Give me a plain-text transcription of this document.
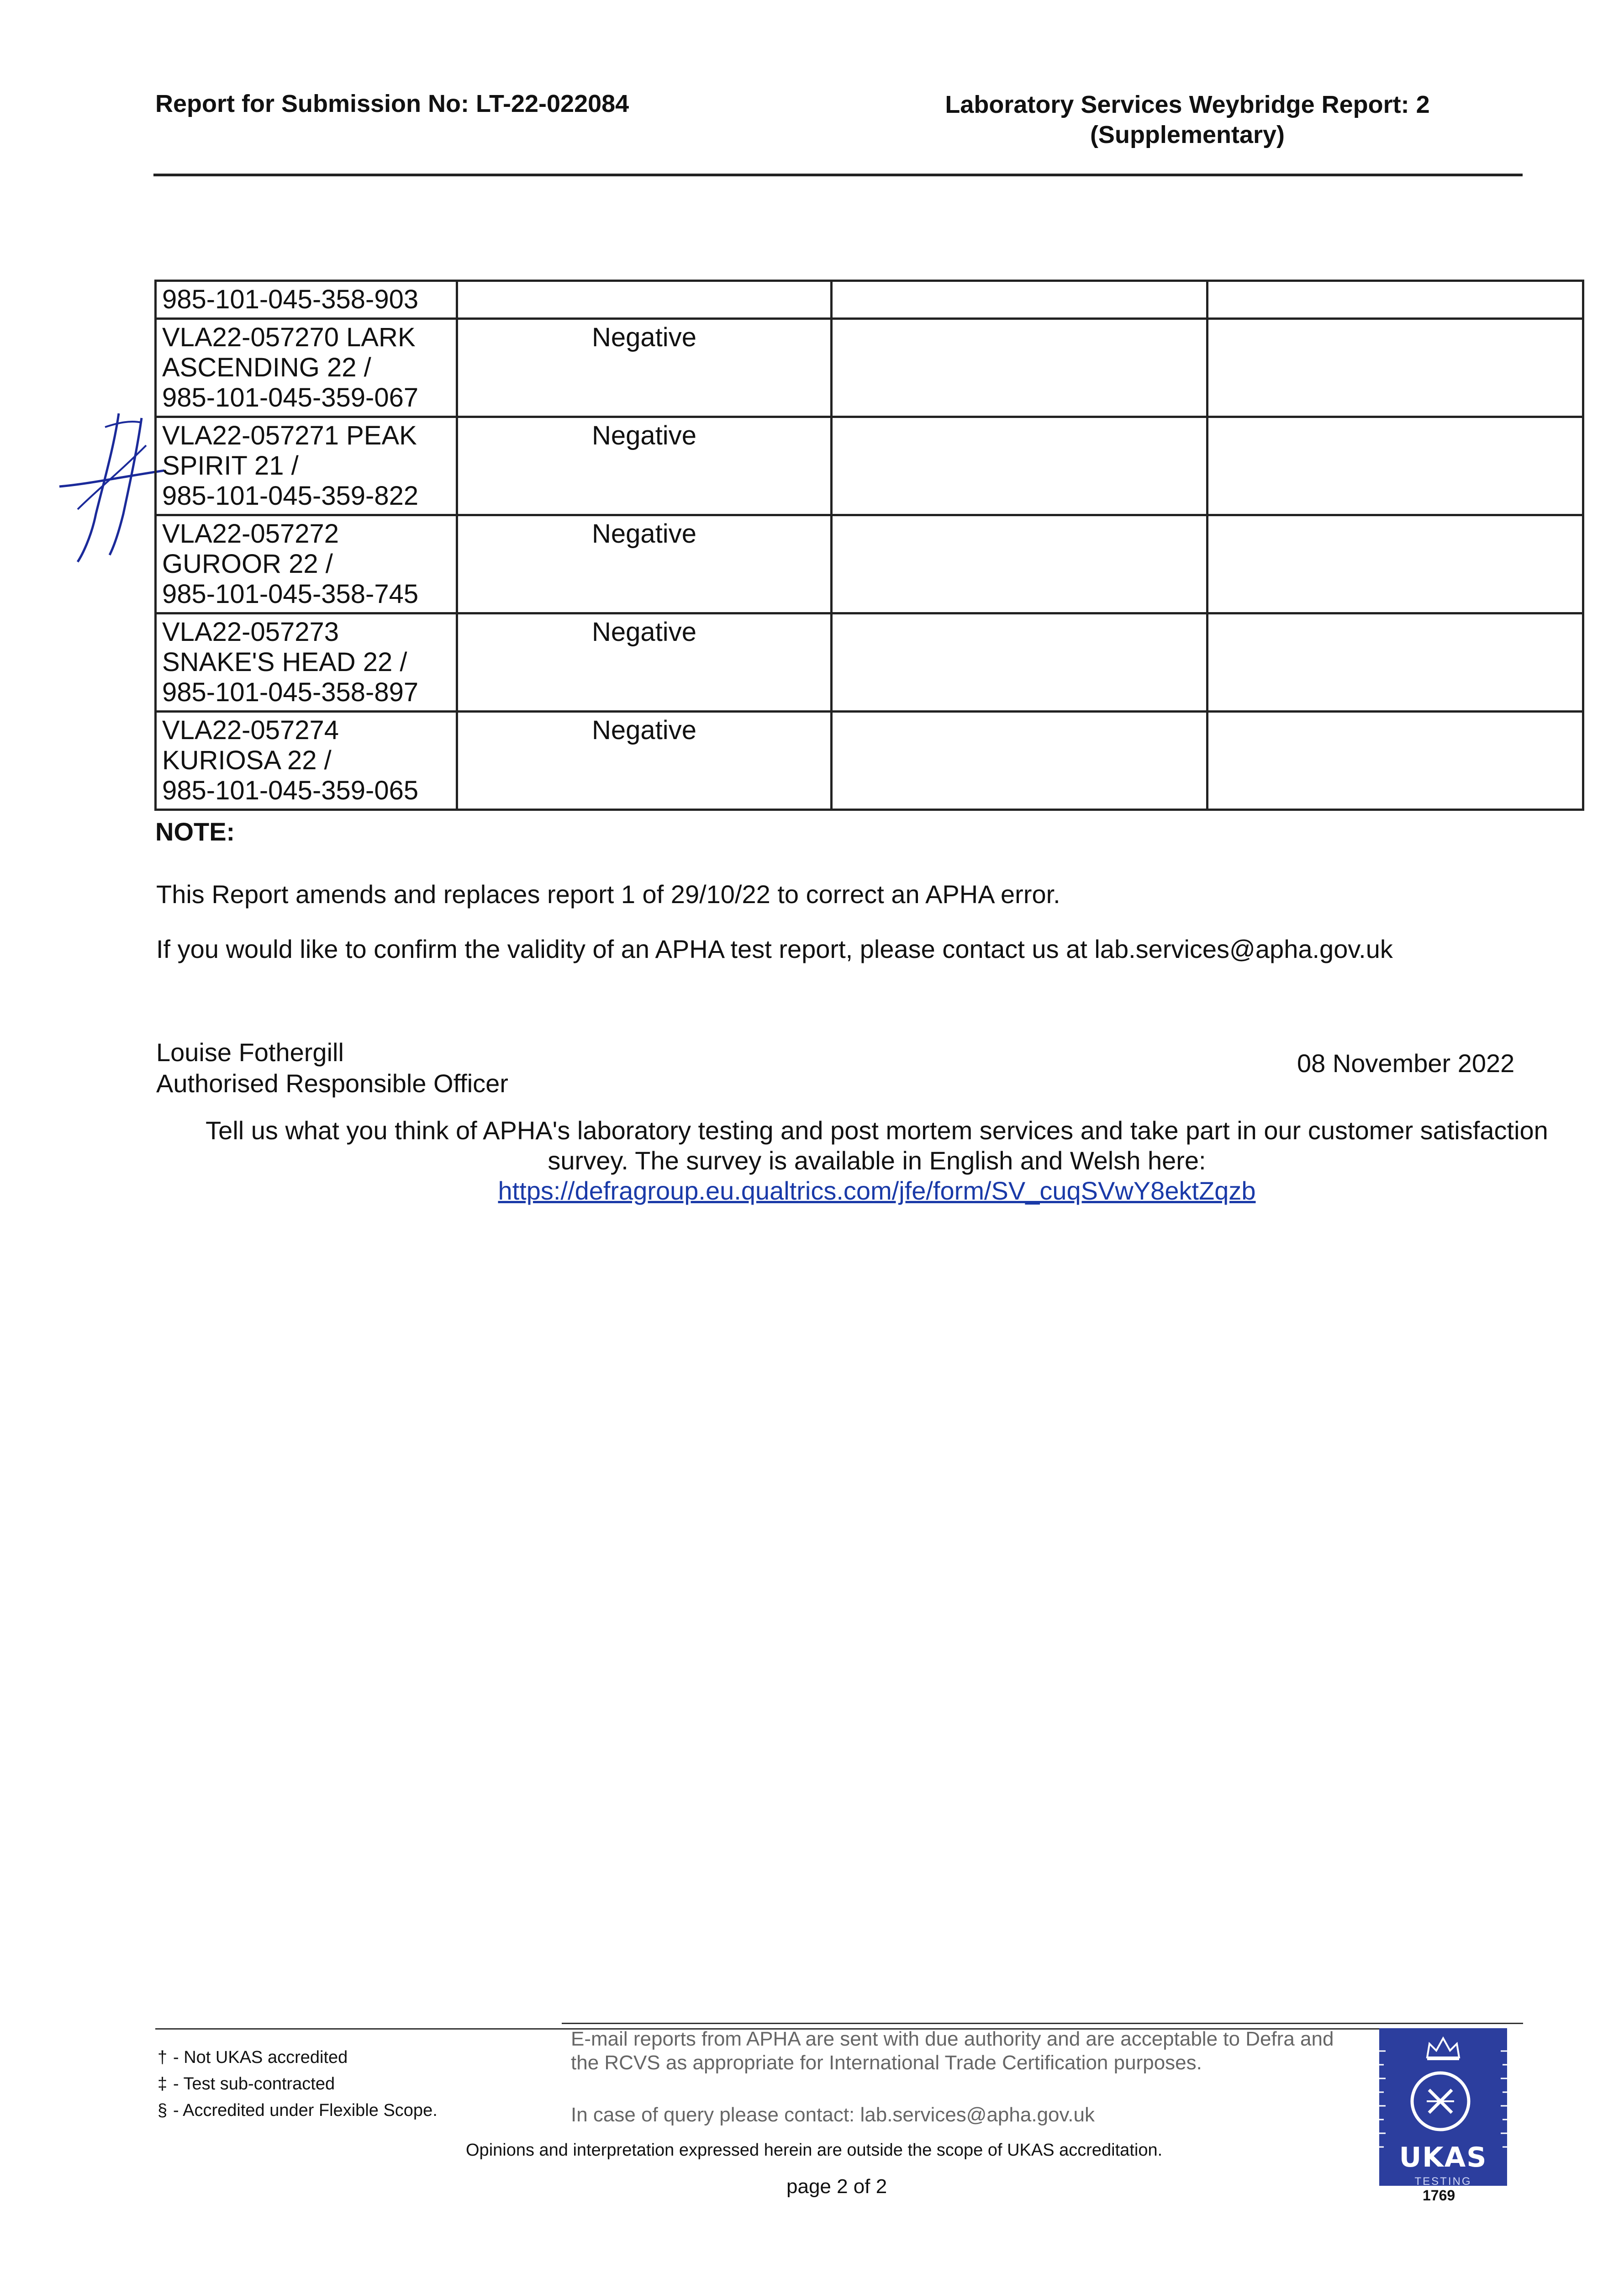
Report for Submission No: LT-22-022084	Laboratory Services Weybridge Report: 2
(Supplementary)
985-101-045-358-903			

VLA22-057270 LARK
ASCENDING 22 /
985-101-045-359-067	Negative		

VLA22-057271 PEAK
SPIRIT 21 /
985-101-045-359-822	Negative		

VLA22-057272
GUROOR 22 /
985-101-045-358-745	Negative		

VLA22-057273
SNAKE'S HEAD 22 /
985-101-045-358-897	Negative		

VLA22-057274
KURIOSA 22 /
985-101-045-359-065	Negative		
NOTE:
This Report amends and replaces report 1 of 29/10/22 to correct an APHA error.
If you would like to confirm the validity of an APHA test report, please contact us at lab.services@apha.gov.uk
Louise Fothergill
Authorised Responsible Officer
08 November 2022
Tell us what you think of APHA's laboratory testing and post mortem services and take part in our customer satisfaction
survey. The survey is available in English and Welsh here:
https://defragroup.eu.qualtrics.com/jfe/form/SV_cuqSVwY8ektZqzb
† - Not UKAS accredited
‡ - Test sub-contracted
§ - Accredited under Flexible Scope.
E-mail reports from APHA are sent with due authority and are acceptable to Defra and the RCVS as appropriate for International Trade Certification purposes.
In case of query please contact: lab.services@apha.gov.uk
Opinions and interpretation expressed herein are outside the scope of UKAS accreditation.
page 2 of 2
UKAS
TESTING
1769
